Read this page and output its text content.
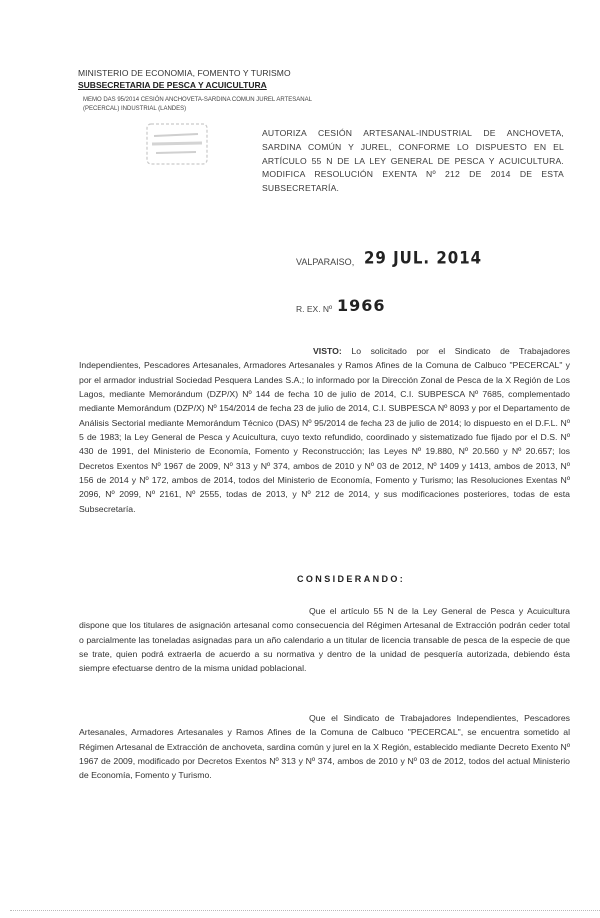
MINISTERIO DE ECONOMIA, FOMENTO Y TURISMO
SUBSECRETARIA DE PESCA Y ACUICULTURA
MEMO DAS 95/2014 CESIÓN ANCHOVETA-SARDINA COMUN JUREL ARTESANAL (PECERCAL) INDUSTRIAL (LANDES)
AUTORIZA CESIÓN ARTESANAL-INDUSTRIAL DE ANCHOVETA, SARDINA COMÚN Y JUREL, CONFORME LO DISPUESTO EN EL ARTÍCULO 55 N DE LA LEY GENERAL DE PESCA Y ACUICULTURA. MODIFICA RESOLUCIÓN EXENTA Nº 212 DE 2014 DE ESTA SUBSECRETARÍA.
VALPARAISO, 29 JUL. 2014
R. EX. Nº 1966
VISTO: Lo solicitado por el Sindicato de Trabajadores Independientes, Pescadores Artesanales, Armadores Artesanales y Ramos Afines de la Comuna de Calbuco "PECERCAL" y por el armador industrial Sociedad Pesquera Landes S.A.; lo informado por la Dirección Zonal de Pesca de la X Región de Los Lagos, mediante Memorándum (DZP/X) Nº 144 de fecha 10 de julio de 2014, C.I. SUBPESCA Nº 7685, complementado mediante Memorándum (DZP/X) Nº 154/2014 de fecha 23 de julio de 2014, C.I. SUBPESCA Nº 8093 y por el Departamento de Análisis Sectorial mediante Memorándum Técnico (DAS) Nº 95/2014 de fecha 23 de julio de 2014; lo dispuesto en el D.F.L. Nº 5 de 1983; la Ley General de Pesca y Acuicultura, cuyo texto refundido, coordinado y sistematizado fue fijado por el D.S. Nº 430 de 1991, del Ministerio de Economía, Fomento y Reconstrucción; las Leyes Nº 19.880, Nº 20.560 y Nº 20.657; los Decretos Exentos Nº 1967 de 2009, Nº 313 y Nº 374, ambos de 2010 y Nº 03 de 2012, Nº 1409 y 1413, ambos de 2013, Nº 156 de 2014 y Nº 172, ambos de 2014, todos del Ministerio de Economía, Fomento y Turismo; las Resoluciones Exentas Nº 2096, Nº 2099, Nº 2161, Nº 2555, todas de 2013, y Nº 212 de 2014, y sus modificaciones posteriores, todas de esta Subsecretaría.
CONSIDERANDO:
Que el artículo 55 N de la Ley General de Pesca y Acuicultura dispone que los titulares de asignación artesanal como consecuencia del Régimen Artesanal de Extracción podrán ceder total o parcialmente las toneladas asignadas para un año calendario a un titular de licencia transable de pesca de la especie de que se trate, quien podrá extraerla de acuerdo a su normativa y dentro de la unidad de pesquería autorizada, debiendo ésta siempre efectuarse dentro de la misma unidad poblacional.
Que el Sindicato de Trabajadores Independientes, Pescadores Artesanales, Armadores Artesanales y Ramos Afines de la Comuna de Calbuco "PECERCAL", se encuentra sometido al Régimen Artesanal de Extracción de anchoveta, sardina común y jurel en la X Región, establecido mediante Decreto Exento Nº 1967 de 2009, modificado por Decretos Exentos Nº 313 y Nº 374, ambos de 2010 y Nº 03 de 2012, todos del actual Ministerio de Economía, Fomento y Turismo.
